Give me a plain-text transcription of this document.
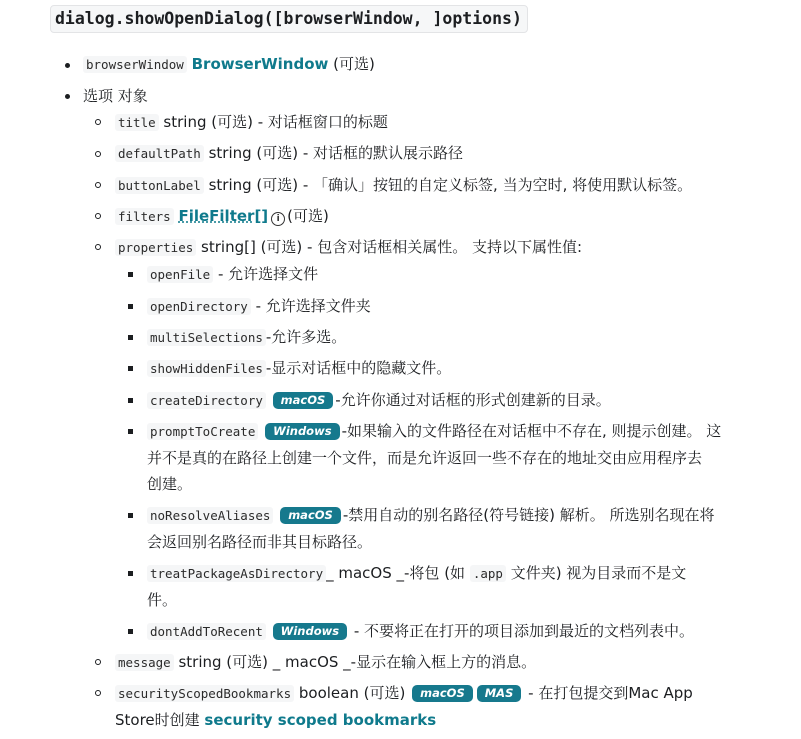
dialog.showOpenDialog([browserWindow, ]options)
browserWindow BrowserWindow (可选)
选项 对象
title string (可选) - 对话框窗口的标题
defaultPath string (可选) - 对话框的默认展示路径
buttonLabel string (可选) - 「确认」按钮的自定义标签, 当为空时, 将使用默认标签。
filters FileFilter[] i (可选)
properties string[] (可选) - 包含对话框相关属性。 支持以下属性值:
openFile - 允许选择文件
openDirectory - 允许选择文件夹
multiSelections -允许多选。
showHiddenFiles -显示对话框中的隐藏文件。
createDirectory macOS -允许你通过对话框的形式创建新的目录。
promptToCreate Windows -如果输入的文件路径在对话框中不存在, 则提示创建。 这
并不是真的在路径上创建一个文件，而是允许返回一些不存在的地址交由应用程序去
创建。
noResolveAliases macOS -禁用自动的别名路径(符号链接) 解析。 所选别名现在将
会返回别名路径而非其目标路径。
treatPackageAsDirectory _ macOS _-将包 (如 .app 文件夹) 视为目录而不是文
件。
dontAddToRecent Windows - 不要将正在打开的项目添加到最近的文档列表中。
message string (可选) _ macOS _-显示在输入框上方的消息。
securityScopedBookmarks boolean (可选) macOS MAS - 在打包提交到Mac App
Store时创建 security scoped bookmarks
